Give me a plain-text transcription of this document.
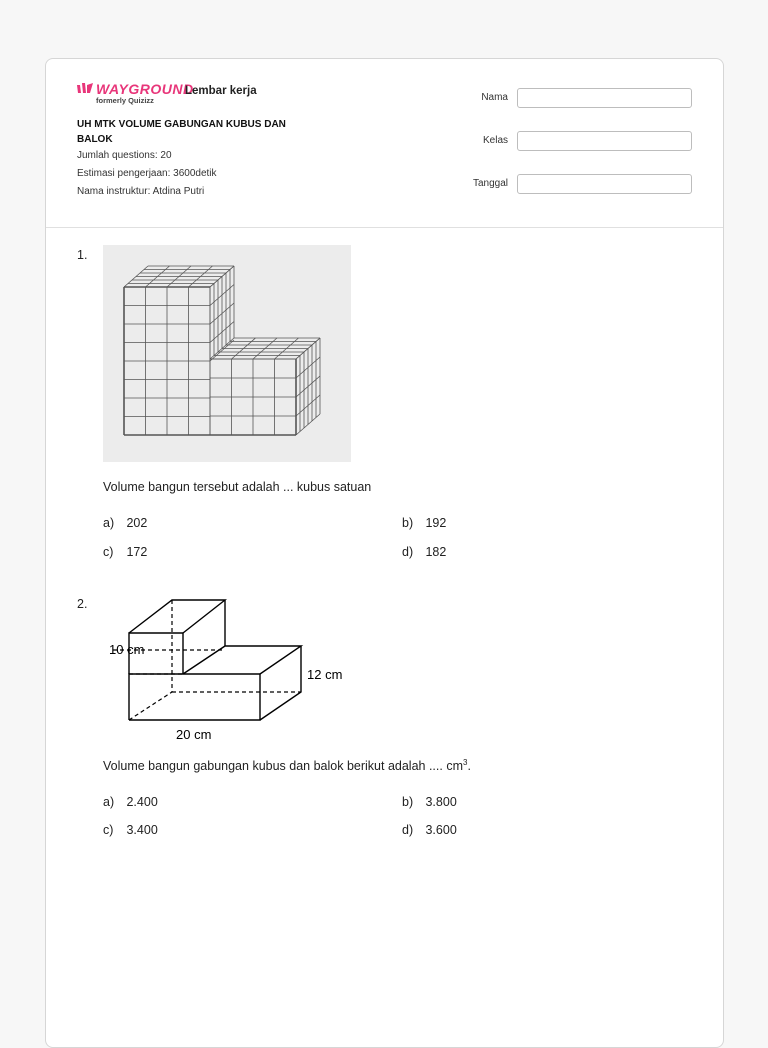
WAYGROUND
formerly Quizizz
Lembar kerja
UH MTK VOLUME GABUNGAN KUBUS DAN BALOK
Jumlah questions: 20
Estimasi pengerjaan: 3600detik
Nama instruktur: Atdina Putri
Nama
Kelas
Tanggal
1.
Volume bangun tersebut adalah ... kubus satuan
a) 202	b) 192
c) 172	d) 182
2.
10 cm
12 cm
20 cm
Volume bangun gabungan kubus dan balok berikut adalah .... $cm^3$.
a) 2.400	b) 3.800
c) 3.400	d) 3.600
